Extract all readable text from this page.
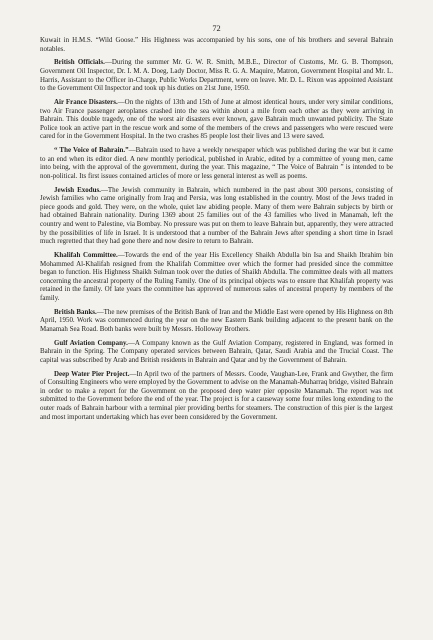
72

Kuwait in H.M.S. “Wild Goose.” His Highness was accompanied by his sons, one of his brothers and several Bahrain notables.

British Officials.—During the summer Mr. G. W. R. Smith, M.B.E., Director of Customs, Mr. G. B. Thompson, Government Oil Inspector, Dr. I. M. A. Doeg, Lady Doctor, Miss R. G. A. Maquire, Matron, Government Hospital and Mr. L. Harris, Assistant to the Officer in-Charge, Public Works Department, were on leave. Mr. D. L. Rixon was appointed Assistant to the Government Oil Inspector and took up his duties on 21st June, 1950.

Air France Disasters.—On the nights of 13th and 15th of June at almost identical hours, under very similar conditions, two Air France passenger aeroplanes crashed into the sea within about a mile from each other as they were arriving in Bahrain. This double tragedy, one of the worst air disasters ever known, gave Bahrain much unwanted publicity. The State Police took an active part in the rescue work and some of the members of the crews and passengers who were rescued were cared for in the Government Hospital. In the two crashes 85 people lost their lives and 13 were saved.

“ The Voice of Bahrain.”—Bahrain used to have a weekly newspaper which was published during the war but it came to an end when its editor died. A new monthly periodical, published in Arabic, edited by a committee of young men, came into being, with the approval of the government, during the year. This magazine, “ The Voice of Bahrain ” is intended to be non-political. Its first issues contained articles of more or less general interest as well as poems.

Jewish Exodus.—The Jewish community in Bahrain, which numbered in the past about 300 persons, consisting of Jewish families who came originally from Iraq and Persia, was long established in the country. Most of the Jews traded in piece goods and gold. They were, on the whole, quiet law abiding people. Many of them were Bahrain subjects by birth or had obtained Bahrain nationality. During 1369 about 25 families out of the 43 families who lived in Manamah, left the country and went to Palestine, via Bombay. No pressure was put on them to leave Bahrain but, apparently, they were attracted by the possibilities of life in Israel. It is understood that a number of the Bahrain Jews after spending a short time in Israel much regretted that they had gone there and now desire to return to Bahrain.

Khalifah Committee.—Towards the end of the year His Excellency Shaikh Abdulla bin Isa and Shaikh Ibrahim bin Mohammed Al-Khalifah resigned from the Khalifah Committee over which the former had presided since the committee began to function. His Highness Shaikh Sulman took over the duties of Shaikh Abdulla. The committee deals with all matters concerning the ancestral property of the Ruling Family. One of its principal objects was to ensure that Khalifah property was retained in the family. Of late years the committee has approved of numerous sales of ancestral property by members of the family.

British Banks.—The new premises of the British Bank of Iran and the Middle East were opened by His Highness on 8th April, 1950. Work was commenced during the year on the new Eastern Bank building adjacent to the present bank on the Manamah Sea Road. Both banks were built by Messrs. Holloway Brothers.

Gulf Aviation Company.—A Company known as the Gulf Aviation Company, registered in England, was formed in Bahrain in the Spring. The Company operated services between Bahrain, Qatar, Saudi Arabia and the Trucial Coast. The capital was subscribed by Arab and British residents in Bahrain and Qatar and by the Government of Bahrain.

Deep Water Pier Project.—In April two of the partners of Messrs. Coode, Vaughan-Lee, Frank and Gwyther, the firm of Consulting Engineers who were employed by the Government to advise on the Manamah-Muharraq bridge, visited Bahrain in order to make a report for the Government on the proposed deep water pier opposite Manamah. The report was not submitted to the Government before the end of the year. The project is for a causeway some four miles long extending to the outer roads of Bahrain harbour with a terminal pier providing berths for steamers. The construction of this pier is the largest and most important undertaking which has ever been considered by the Government.
